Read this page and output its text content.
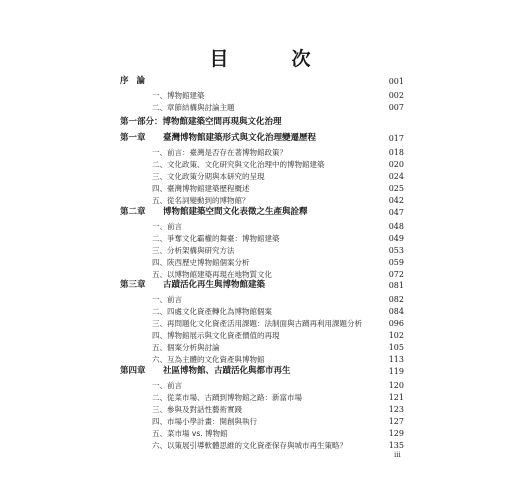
目　次
序論	001
一、博物館建築	002
二、章節結構與討論主題	007
第一部分：博物館建築空間再現與文化治理
第一章 臺灣博物館建築形式與文化治理變遷歷程	017
一、前言：臺灣是否存在著博物館政策？	018
二、文化政策、文化研究與文化治理中的博物館建築	020
三、文化政策分期與本研究的呈現	024
四、臺灣博物館建築歷程概述	025
五、從名詞變動到的博物館？	042
第二章 博物館建築空間文化表徵之生產與詮釋	047
一、前言	048
二、爭奪文化霸權的舞臺：博物館建築	049
三、分析架構與研究方法	053
四、陝西歷史博物館個案分析	059
五、以博物館建築再現在地物質文化	072
第三章 古蹟活化再生與博物館建築	081
一、前言	082
二、四處文化資產轉化為博物館個案	084
三、再問題化文化資產活用課題：法制面與古蹟再利用課題分析	096
四、博物館展示與文化資產價值的再現	102
五、個案分析與討論	105
六、互為主體的文化資產與博物館	113
第四章 社區博物館、古蹟活化與都市再生	119
一、前言	120
二、從菜市場、古蹟到博物館之路：新富市場	121
三、參與及對話性藝術實踐	123
四、市場小學計畫：開創與執行	127
五、菜市場 vs. 博物館	129
六、以策展引導軟體思維的文化資產保存與城市再生策略？	135
iii
